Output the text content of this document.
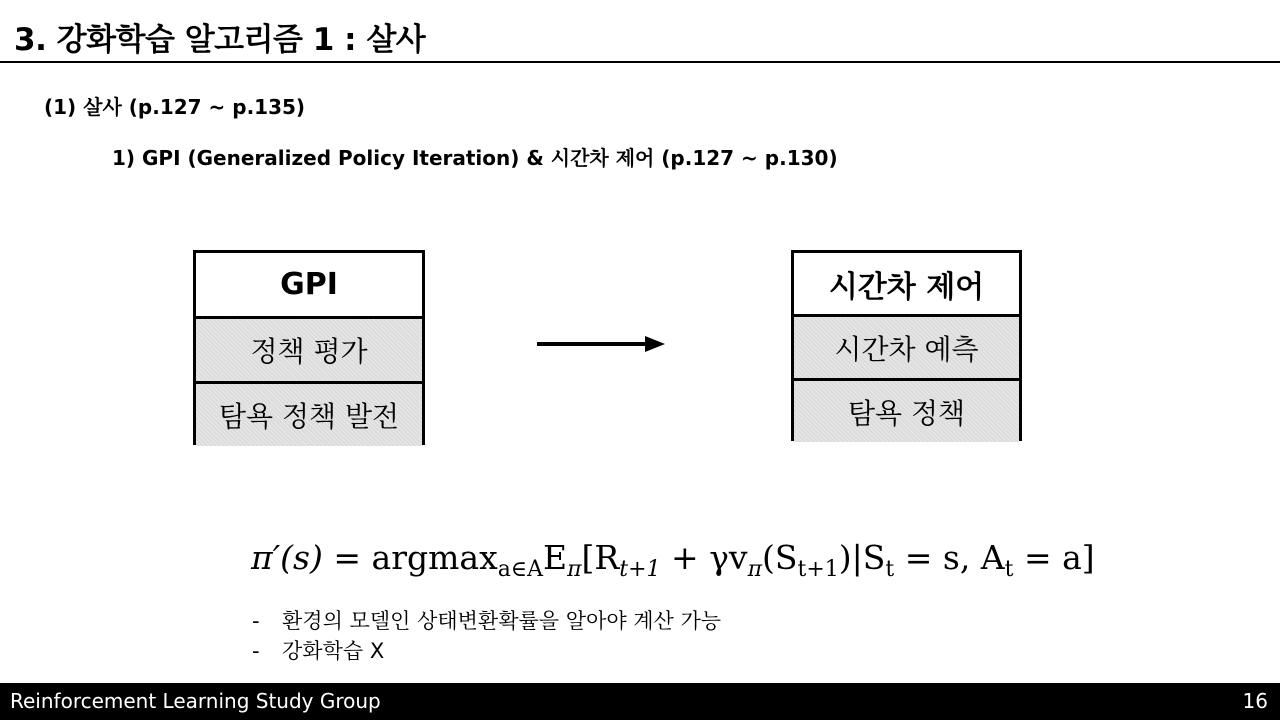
3. 강화학습 알고리즘 1 : 살사
(1) 살사 (p.127 ~ p.135)
1) GPI (Generalized Policy Iteration) & 시간차 제어 (p.127 ~ p.130)
GPI
정책 평가
탐욕 정책 발전
시간차 제어
시간차 예측
탐욕 정책
$\pi'(s) = argmax_{a\in A}E_\pi[R_{t+1} + \gamma v_\pi(S_{t+1})|S_t = s$, $A_t = a$]
- 환경의 모델인 상태변환확률을 알아야 계산 가능
- 강화학습 X
Reinforcement Learning Study Group	16
